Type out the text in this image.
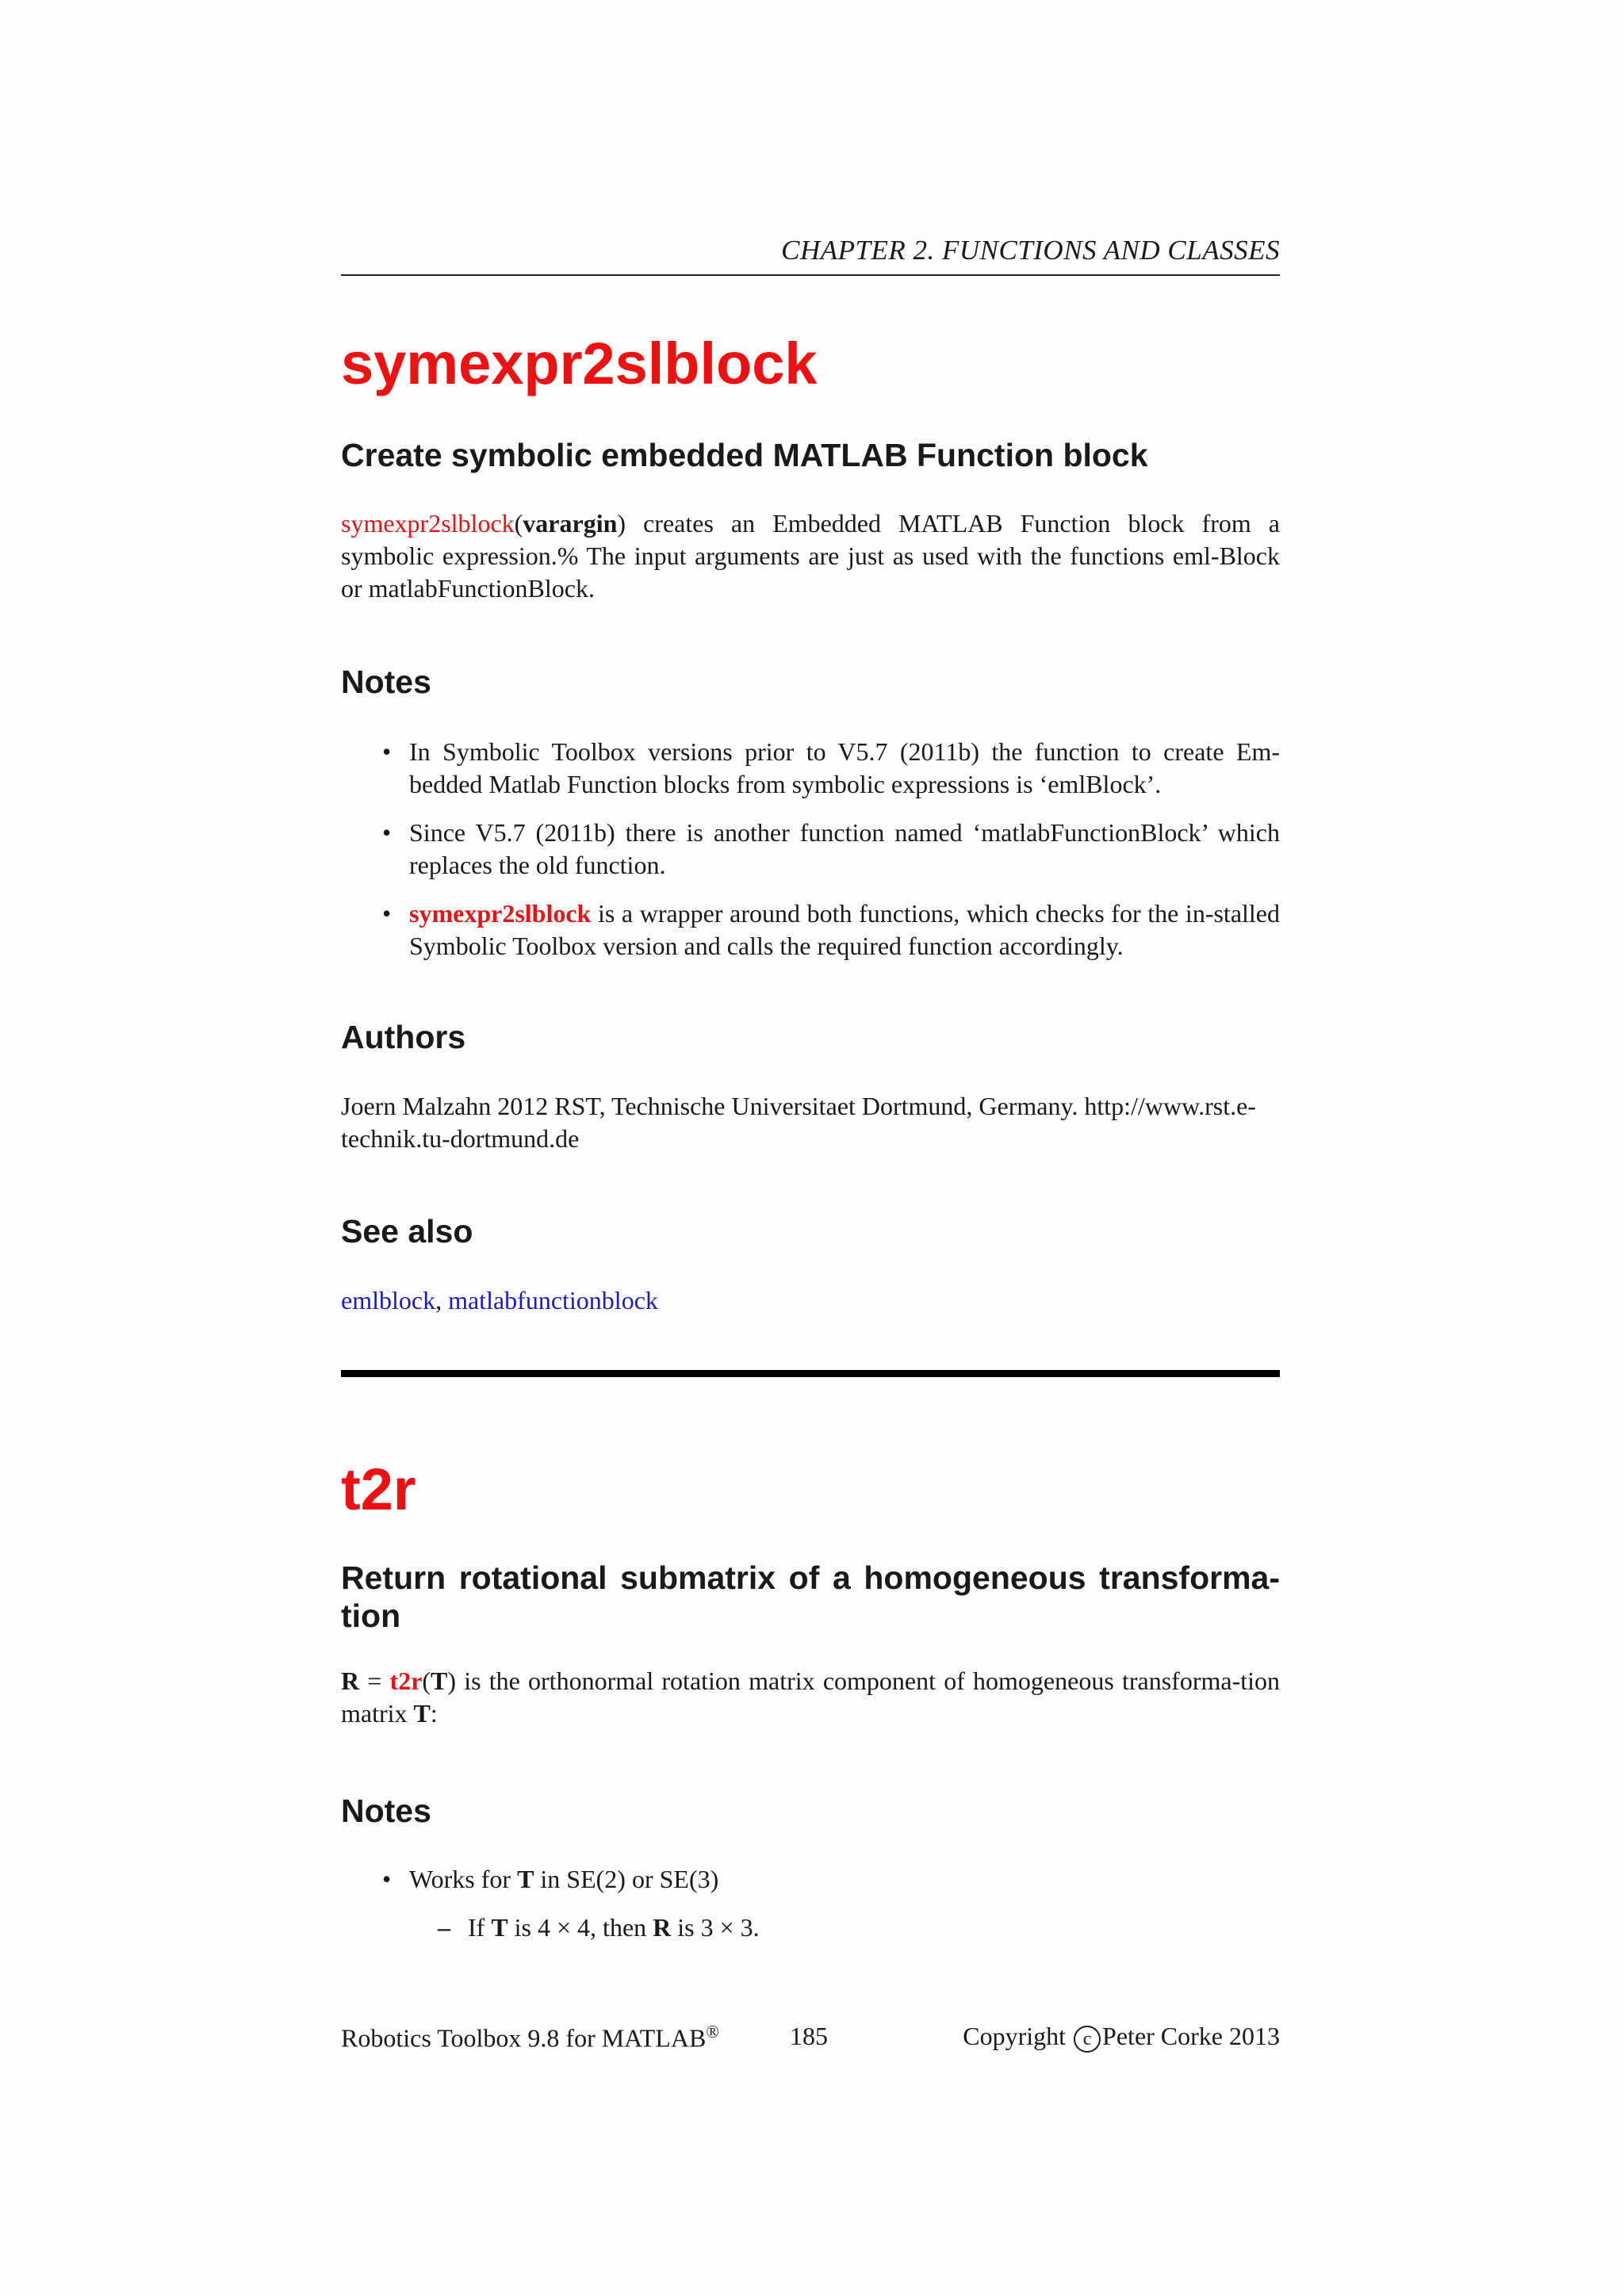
CHAPTER 2. FUNCTIONS AND CLASSES
symexpr2slblock
Create symbolic embedded MATLAB Function block

symexpr2slblock(varargin) creates an Embedded MATLAB Function block from a symbolic expression.% The input arguments are just as used with the functions eml-Block or matlabFunctionBlock.

Notes
• In Symbolic Toolbox versions prior to V5.7 (2011b) the function to create Em-bedded Matlab Function blocks from symbolic expressions is ‘emlBlock’.
• Since V5.7 (2011b) there is another function named ‘matlabFunctionBlock’ which replaces the old function.
• symexpr2slblock is a wrapper around both functions, which checks for the in-stalled Symbolic Toolbox version and calls the required function accordingly.
Authors

Joern Malzahn 2012 RST, Technische Universitaet Dortmund, Germany. http://www.rst.e-technik.tu-dortmund.de

See also

emlblock, matlabfunctionblock

t2r
Return rotational submatrix of a homogeneous transforma-tion

R = t2r(T) is the orthonormal rotation matrix component of homogeneous transforma-tion matrix T:

Notes
• Works for T in SE(2) or SE(3)
– If T is 4 × 4, then R is 3 × 3.
Robotics Toolbox 9.8 for MATLAB®	185	Copyright c Peter Corke 2013
